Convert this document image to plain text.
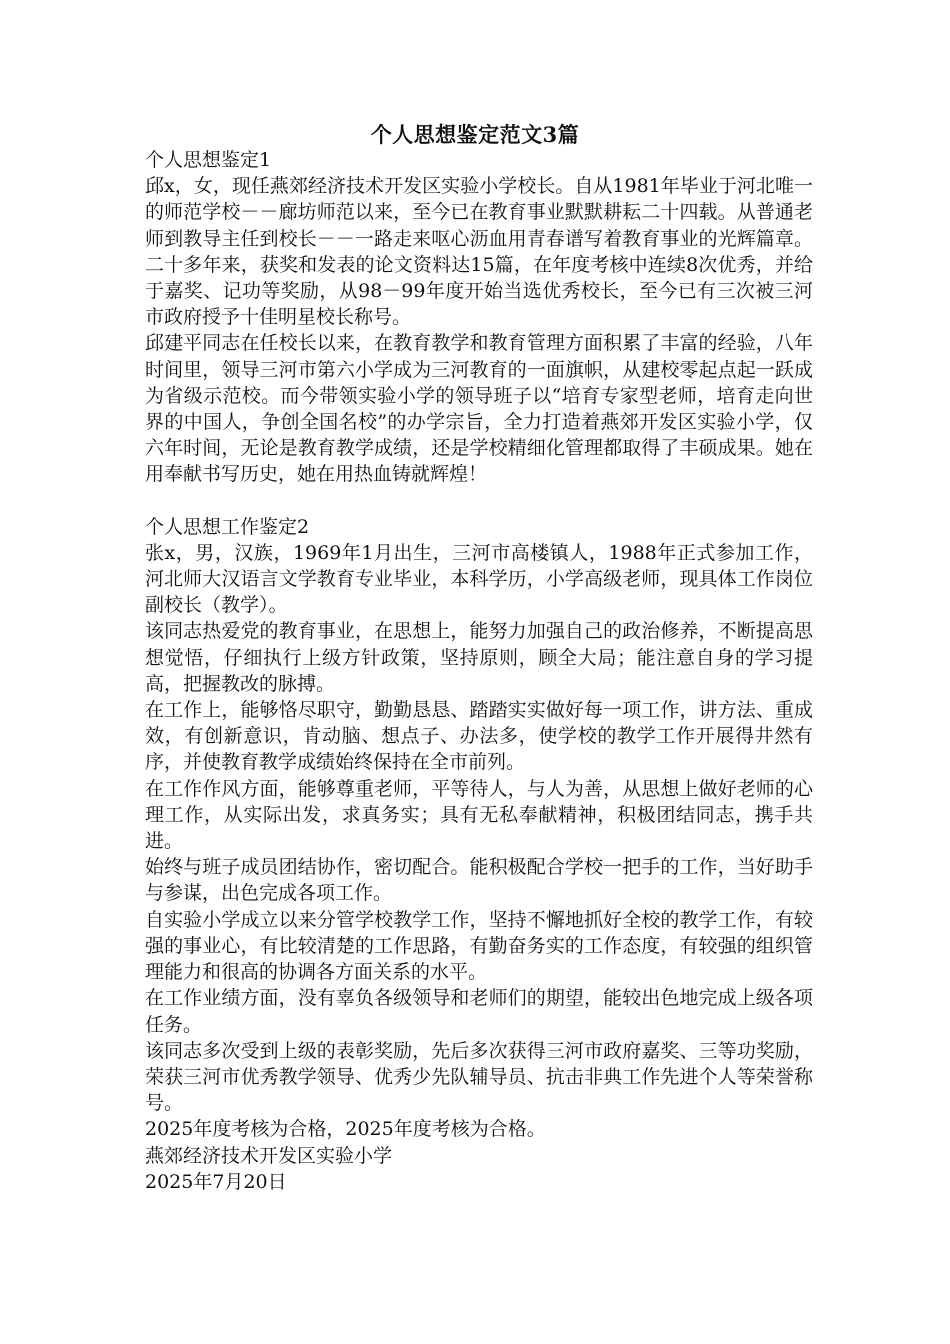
个人思想鉴定范文3篇

个人思想鉴定1

邱x，女，现任燕郊经济技术开发区实验小学校长。自从1981年毕业于河北唯一的师范学校－－廊坊师范以来，至今已在教育事业默默耕耘二十四载。从普通老师到教导主任到校长－－一路走来呕心沥血用青春谱写着教育事业的光辉篇章。二十多年来，获奖和发表的论文资料达15篇，在年度考核中连续8次优秀，并给于嘉奖、记功等奖励，从98－99年度开始当选优秀校长，至今已有三次被三河市政府授予十佳明星校长称号。

邱建平同志在任校长以来，在教育教学和教育管理方面积累了丰富的经验，八年时间里，领导三河市第六小学成为三河教育的一面旗帜，从建校零起点起一跃成为省级示范校。而今带领实验小学的领导班子以“培育专家型老师，培育走向世界的中国人，争创全国名校”的办学宗旨，全力打造着燕郊开发区实验小学，仅六年时间，无论是教育教学成绩，还是学校精细化管理都取得了丰硕成果。她在用奉献书写历史，她在用热血铸就辉煌！

个人思想工作鉴定2

张x，男，汉族，1969年1月出生，三河市高楼镇人，1988年正式参加工作，河北师大汉语言文学教育专业毕业，本科学历，小学高级老师，现具体工作岗位副校长（教学）。

该同志热爱党的教育事业，在思想上，能努力加强自己的政治修养，不断提高思想觉悟，仔细执行上级方针政策，坚持原则，顾全大局；能注意自身的学习提高，把握教改的脉搏。

在工作上，能够恪尽职守，勤勤恳恳、踏踏实实做好每一项工作，讲方法、重成效，有创新意识，肯动脑、想点子、办法多，使学校的教学工作开展得井然有序，并使教育教学成绩始终保持在全市前列。

在工作作风方面，能够尊重老师，平等待人，与人为善，从思想上做好老师的心理工作，从实际出发，求真务实；具有无私奉献精神，积极团结同志，携手共进。

始终与班子成员团结协作，密切配合。能积极配合学校一把手的工作，当好助手与参谋，出色完成各项工作。

自实验小学成立以来分管学校教学工作，坚持不懈地抓好全校的教学工作，有较强的事业心，有比较清楚的工作思路，有勤奋务实的工作态度，有较强的组织管理能力和很高的协调各方面关系的水平。

在工作业绩方面，没有辜负各级领导和老师们的期望，能较出色地完成上级各项任务。

该同志多次受到上级的表彰奖励，先后多次获得三河市政府嘉奖、三等功奖励，荣获三河市优秀教学领导、优秀少先队辅导员、抗击非典工作先进个人等荣誉称号。

2025年度考核为合格，2025年度考核为合格。

燕郊经济技术开发区实验小学

2025年7月20日
